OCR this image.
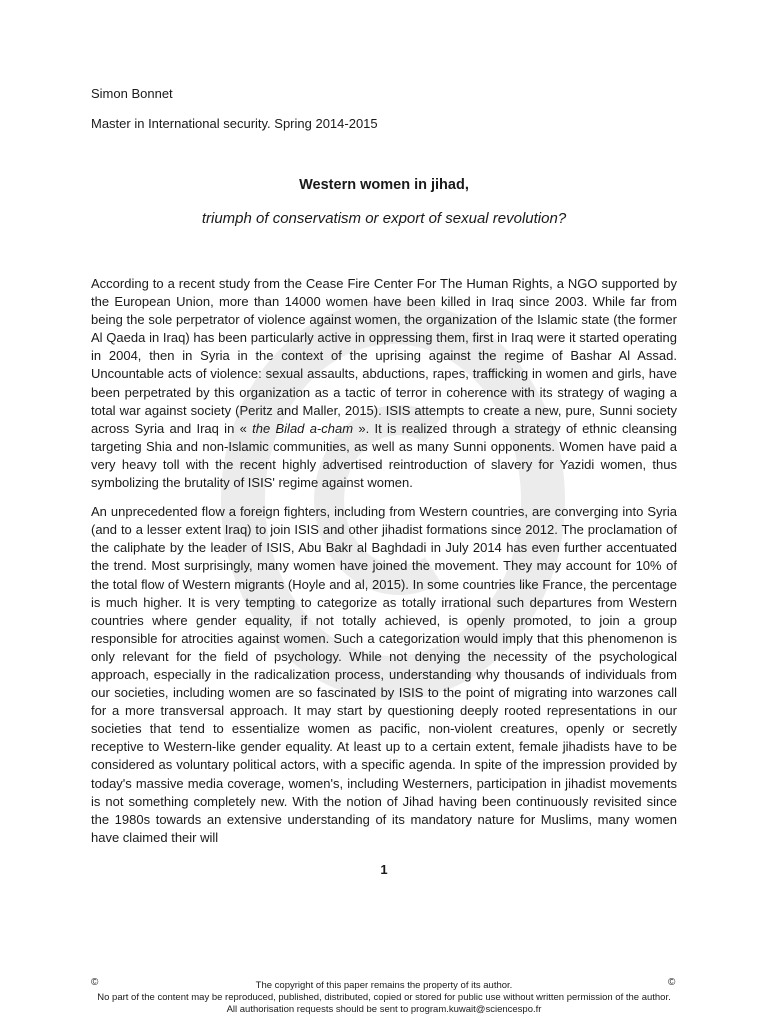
Simon Bonnet
Master in International security. Spring 2014-2015
Western women in jihad,
triumph of conservatism or export of sexual revolution?

According to a recent study from the Cease Fire Center For The Human Rights, a NGO supported by the European Union, more than 14000 women have been killed in Iraq since 2003. While far from being the sole perpetrator of violence against women, the organization of the Islamic state (the former Al Qaeda in Iraq) has been particularly active in oppressing them, first in Iraq were it started operating in 2004, then in Syria in the context of the uprising against the regime of Bashar Al Assad. Uncountable acts of violence: sexual assaults, abductions, rapes, trafficking in women and girls, have been perpetrated by this organization as a tactic of terror in coherence with its strategy of waging a total war against society (Peritz and Maller, 2015). ISIS attempts to create a new, pure, Sunni society across Syria and Iraq in « the Bilad a-cham ». It is realized through a strategy of ethnic cleansing targeting Shia and non-Islamic communities, as well as many Sunni opponents. Women have paid a very heavy toll with the recent highly advertised reintroduction of slavery for Yazidi women, thus symbolizing the brutality of ISIS' regime against women.

An unprecedented flow a foreign fighters, including from Western countries, are converging into Syria (and to a lesser extent Iraq) to join ISIS and other jihadist formations since 2012. The proclamation of the caliphate by the leader of ISIS, Abu Bakr al Baghdadi in July 2014 has even further accentuated the trend. Most surprisingly, many women have joined the movement. They may account for 10% of the total flow of Western migrants (Hoyle and al, 2015). In some countries like France, the percentage is much higher. It is very tempting to categorize as totally irrational such departures from Western countries where gender equality, if not totally achieved, is openly promoted, to join a group responsible for atrocities against women. Such a categorization would imply that this phenomenon is only relevant for the field of psychology. While not denying the necessity of the psychological approach, especially in the radicalization process, understanding why thousands of individuals from our societies, including women are so fascinated by ISIS to the point of migrating into warzones call for a more transversal approach. It may start by questioning deeply rooted representations in our societies that tend to essentialize women as pacific, non-violent creatures, openly or secretly receptive to Western-like gender equality. At least up to a certain extent, female jihadists have to be considered as voluntary political actors, with a specific agenda. In spite of the impression provided by today's massive media coverage, women's, including Westerners, participation in jihadist movements is not something completely new. With the notion of Jihad having been continuously revisited since the 1980s towards an extensive understanding of its mandatory nature for Muslims, many women have claimed their will

1
©	©
The copyright of this paper remains the property of its author.
No part of the content may be reproduced, published, distributed, copied or stored for public use without written permission of the author.
All authorisation requests should be sent to program.kuwait@sciencespo.fr
